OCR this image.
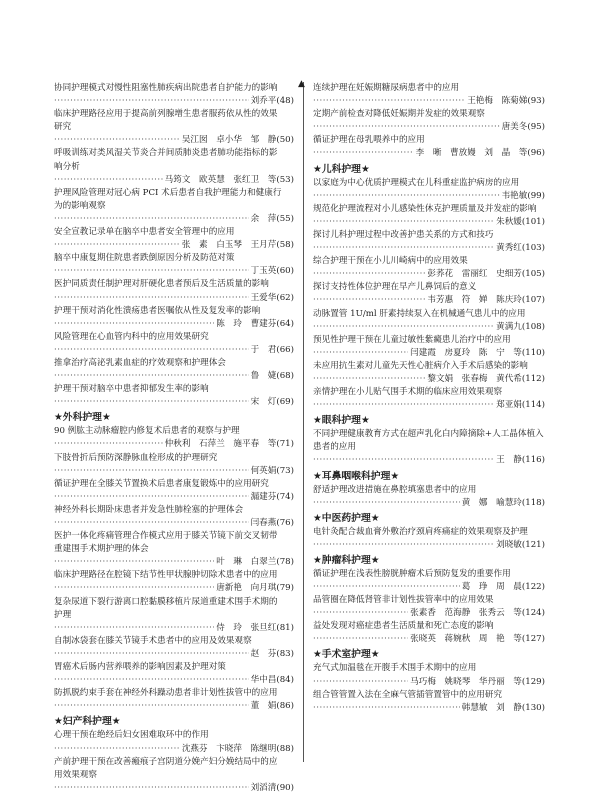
▲
协同护理模式对慢性阻塞性肺疾病出院患者自护能力的影响
·····
刘乔平(48)
临床护理路径应用于提高前列腺增生患者服药依从性的效果
研究
·····
吴江囡　卓小华　邹　静(50)
呼吸训练对类风湿关节炎合并间质肺炎患者肺功能指标的影
响分析
·····
马筠文　欧英慧　张红卫　等(53)
护理风险管理对冠心病 PCI 术后患者自我护理能力和健康行
为的影响观察
·····
余　萍(55)
安全宣教记录单在脑卒中患者安全管理中的应用
·····
张　素　白玉琴　王月芹(58)
脑卒中康复期住院患者跌倒原因分析及防范对策
·····
丁玉英(60)
医护同质责任制护理对肝硬化患者预后及生活质量的影响
·····
王爱华(62)
护理干预对消化性溃疡患者医嘱依从性及复发率的影响
·····
陈　玲　曹建芬(64)
风险管理在心血管内科中的应用效果研究
·····
于　君(66)
推拿治疗高泌乳素血症的疗效观察和护理体会
·····
鲁　婕(68)
护理干预对脑卒中患者抑郁发生率的影响
·····
宋　灯(69)
★外科护理★
90 例肱主动脉瘤腔内修复术后患者的观察与护理
·····
仲秋利　石萍兰　施平春　等(71)
下肢骨折后预防深静脉血栓形成的护理研究
·····
何英娟(73)
循证护理在全膝关节置换术后患者康复锻炼中的应用研究
·····
漏建芬(74)
神经外科长期卧床患者并发急性肺栓塞的护理体会
·····
闫春燕(76)
医护一体化疼痛管理合作模式应用于膝关节镜下前交叉韧带
重建围手术期护理的体会
·····
叶　琳　白翠兰(78)
临床护理路径在腔镜下结节性甲状腺肿切除术患者中的应用
·····
唐新艳　向月琪(79)
复杂尿道下裂行游离口腔黏膜移植片尿道重建术围手术期的
护理
·····
侍　玲　张旦红(81)
自制冰袋套在膝关节镜手术患者中的应用及效果观察
·····
赵　芬(83)
胃癌术后肠内营养喂养的影响因素及护理对策
·····
华中昌(84)
防抓脱约束手套在神经外科躁动患者非计划性拔管中的应用
·····
董　娟(86)
★妇产科护理★
心理干预在绝经后妇女困难取环中的作用
·····
沈燕芬　卞晓萍　陈继明(88)
产前护理干预在改善瘢痕子宫阴道分娩产妇分娩结局中的应
用效果观察
·····
刘滔清(90)
连续护理在妊娠期糖尿病患者中的应用
·····
王艳梅　陈菊娣(93)
定期产前检查对降低妊娠期并发症的效果观察
·····
唐美冬(95)
循证护理在母乳喂养中的应用
·····
李　晰　曹放嫚　刘　晶　等(96)
★儿科护理★
以家庭为中心优质护理模式在儿科重症监护病房的应用
·····
韦艳敏(99)
规范化护理流程对小儿感染性休克护理质量及并发症的影响
·····
朱秋媛(101)
探讨儿科护理过程中改善护患关系的方式和技巧
·····
黄秀红(103)
综合护理干预在小儿川崎病中的应用效果
·····
彭荞花　雷丽红　史细芳(105)
探讨支持性体位护理在早产儿鼻饲后的意义
·····
韦芳惠　符　婵　陈庆玲(107)
动脉置管 1U/ml 肝素持续泵入在机械通气患儿中的应用
·····
黄满九(108)
预见性护理干预在儿童过敏性紫癜患儿治疗中的应用
·····
闫建霞　房夏玲　陈　宁　等(110)
未应用抗生素对儿童先天性心脏病介入手术后感染的影响
·····
黎文娟　张春梅　黄代希(112)
亲情护理在小儿贴气围手术期的临床应用效果观察
·····
郑亚娟(114)
★眼科护理★
不同护理健康教育方式在超声乳化白内障摘除+人工晶体植入
患者的应用
·····
王　静(116)
★耳鼻咽喉科护理★
舒适护理改进措施在鼻腔填塞患者中的应用
·····
黄　娜　喻慧玲(118)
★中医药护理★
电针灸配合裁血膏外敷治疗颈肩疼痛症的效果观察及护理
·····
刘晓敏(121)
★肿瘤科护理★
循证护理在浅表性膀胱肿瘤术后预防复发的重要作用
·····
葛　琤　周　晨(122)
品管圈在降低肾管非计划性拔管率中的应用效果
·····
张素香　范海静　张秀云　等(124)
益处发现对癌症患者生活质量和死亡态度的影响
·····
张晓英　蒋婉秋　周　艳　等(127)
★手术室护理★
充气式加温毯在开腹手术围手术期中的应用
·····
马巧梅　姚晓琴　华丹丽　等(129)
组合管管置入法在全麻气管插管置管中的应用研究
·····
韩慧敏　刘　静(130)
